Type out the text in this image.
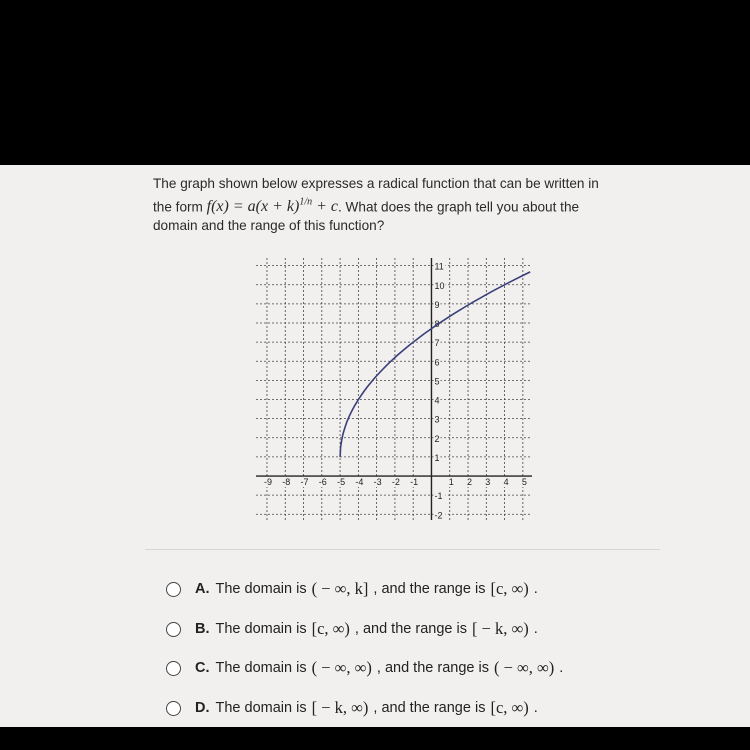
The graph shown below expresses a radical function that can be written in
the form $f(x) = a(x + k)^{1/n} + c$. What does the graph tell you about the
domain and the range of this function?
-9 -8 -7 -6 -5 -4 -3 -2 -1	1 2 3 4 5
11
10
9
8
7
6
5
4
3
2
1
-1
-2
A. The domain is ( − ∞, k] , and the range is [c, ∞) .
B. The domain is [c, ∞) , and the range is [ − k, ∞) .
C. The domain is ( − ∞, ∞) , and the range is ( − ∞, ∞) .
D. The domain is [ − k, ∞) , and the range is [c, ∞) .
